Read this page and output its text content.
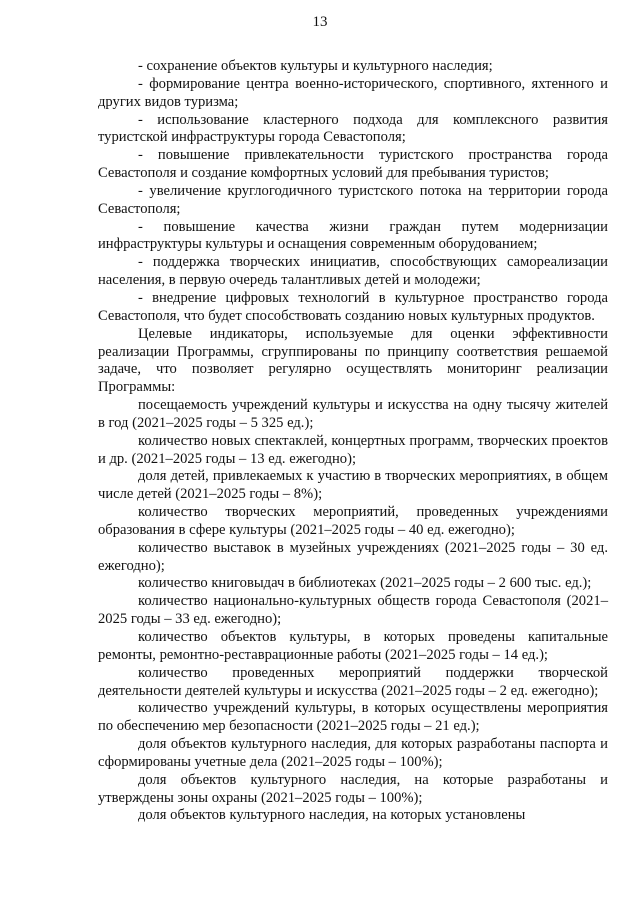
13

- сохранение объектов культуры и культурного наследия;

- формирование центра военно-исторического, спортивного, яхтенного и других видов туризма;

- использование кластерного подхода для комплексного развития туристской инфраструктуры города Севастополя;

- повышение привлекательности туристского пространства города Севастополя и создание комфортных условий для пребывания туристов;

- увеличение круглогодичного туристского потока на территории города Севастополя;

- повышение качества жизни граждан путем модернизации инфраструктуры культуры и оснащения современным оборудованием;

- поддержка творческих инициатив, способствующих самореализации населения, в первую очередь талантливых детей и молодежи;

- внедрение цифровых технологий в культурное пространство города Севастополя, что будет способствовать созданию новых культурных продуктов.

Целевые индикаторы, используемые для оценки эффективности реализации Программы, сгруппированы по принципу соответствия решаемой задаче, что позволяет регулярно осуществлять мониторинг реализации Программы:

посещаемость учреждений культуры и искусства на одну тысячу жителей в год (2021–2025 годы – 5 325 ед.);

количество новых спектаклей, концертных программ, творческих проектов и др. (2021–2025 годы – 13 ед. ежегодно);

доля детей, привлекаемых к участию в творческих мероприятиях, в общем числе детей (2021–2025 годы – 8%);

количество творческих мероприятий, проведенных учреждениями образования в сфере культуры (2021–2025 годы – 40 ед. ежегодно);

количество выставок в музейных учреждениях (2021–2025 годы – 30 ед. ежегодно);

количество книговыдач в библиотеках (2021–2025 годы – 2 600 тыс. ед.);

количество национально-культурных обществ города Севастополя (2021–2025 годы – 33 ед. ежегодно);

количество объектов культуры, в которых проведены капитальные ремонты, ремонтно-реставрационные работы (2021–2025 годы – 14 ед.);

количество проведенных мероприятий поддержки творческой деятельности деятелей культуры и искусства (2021–2025 годы – 2 ед. ежегодно);

количество учреждений культуры, в которых осуществлены мероприятия по обеспечению мер безопасности (2021–2025 годы – 21 ед.);

доля объектов культурного наследия, для которых разработаны паспорта и сформированы учетные дела (2021–2025 годы – 100%);

доля объектов культурного наследия, на которые разработаны и утверждены зоны охраны (2021–2025 годы – 100%);

доля объектов культурного наследия, на которых установлены
